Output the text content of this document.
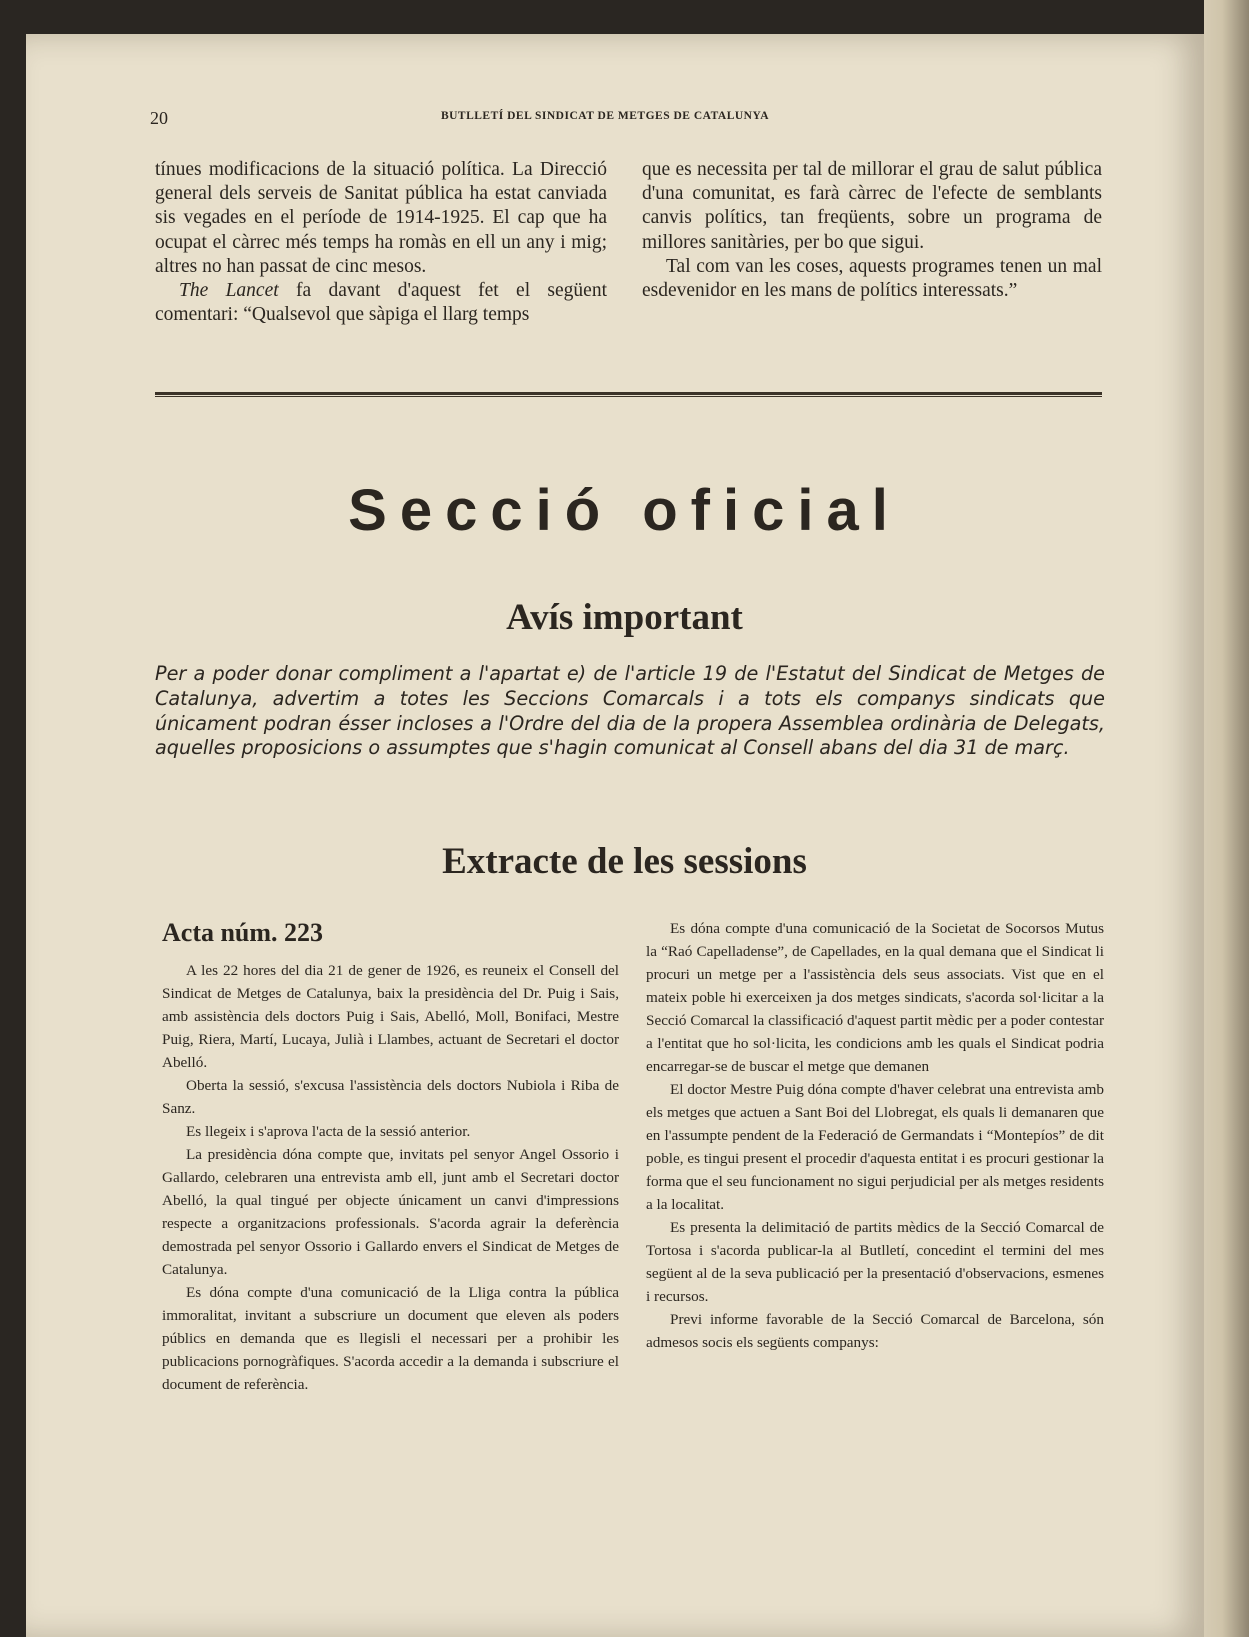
20	BUTLLETÍ DEL SINDICAT DE METGES DE CATALUNYA

tínues modificacions de la situació política. La Direcció general dels serveis de Sanitat pública ha estat canviada sis vegades en el període de 1914-1925. El cap que ha ocupat el càrrec més temps ha romàs en ell un any i mig; altres no han passat de cinc mesos.

The Lancet fa davant d'aquest fet el següent comentari: “Qualsevol que sàpiga el llarg temps

que es necessita per tal de millorar el grau de salut pública d'una comunitat, es farà càrrec de l'efecte de semblants canvis polítics, tan freqüents, sobre un programa de millores sanitàries, per bo que sigui.

Tal com van les coses, aquests programes tenen un mal esdevenidor en les mans de polítics interessats.”

Secció oficial
Avís important
Per a poder donar compliment a l'apartat e) de l'article 19 de l'Estatut del Sindicat de Metges de Catalunya, advertim a totes les Seccions Comarcals i a tots els companys sindicats que únicament podran ésser incloses a l'Ordre del dia de la propera Assemblea ordinària de Delegats, aquelles proposicions o assumptes que s'hagin comunicat al Consell abans del dia 31 de març.
Extracte de les sessions
Acta núm. 223

A les 22 hores del dia 21 de gener de 1926, es reuneix el Consell del Sindicat de Metges de Catalunya, baix la presidència del Dr. Puig i Sais, amb assistència dels doctors Puig i Sais, Abelló, Moll, Bonifaci, Mestre Puig, Riera, Martí, Lucaya, Julià i Llambes, actuant de Secretari el doctor Abelló.

Oberta la sessió, s'excusa l'assistència dels doctors Nubiola i Riba de Sanz.

Es llegeix i s'aprova l'acta de la sessió anterior.

La presidència dóna compte que, invitats pel senyor Angel Ossorio i Gallardo, celebraren una entrevista amb ell, junt amb el Secretari doctor Abelló, la qual tingué per objecte únicament un canvi d'impressions respecte a organitzacions professionals. S'acorda agrair la deferència demostrada pel senyor Ossorio i Gallardo envers el Sindicat de Metges de Catalunya.

Es dóna compte d'una comunicació de la Lliga contra la pública immoralitat, invitant a subscriure un document que eleven als poders públics en demanda que es llegisli el necessari per a prohibir les publicacions pornogràfiques. S'acorda accedir a la demanda i subscriure el document de referència.

Es dóna compte d'una comunicació de la Societat de Socorsos Mutus la “Raó Capelladense”, de Capellades, en la qual demana que el Sindicat li procuri un metge per a l'assistència dels seus associats. Vist que en el mateix poble hi exerceixen ja dos metges sindicats, s'acorda sol·licitar a la Secció Comarcal la classificació d'aquest partit mèdic per a poder contestar a l'entitat que ho sol·licita, les condicions amb les quals el Sindicat podria encarregar-se de buscar el metge que demanen

El doctor Mestre Puig dóna compte d'haver celebrat una entrevista amb els metges que actuen a Sant Boi del Llobregat, els quals li demanaren que en l'assumpte pendent de la Federació de Germandats i “Montepíos” de dit poble, es tingui present el procedir d'aquesta entitat i es procuri gestionar la forma que el seu funcionament no sigui perjudicial per als metges residents a la localitat.

Es presenta la delimitació de partits mèdics de la Secció Comarcal de Tortosa i s'acorda publicar-la al Butlletí, concedint el termini del mes següent al de la seva publicació per la presentació d'observacions, esmenes i recursos.

Previ informe favorable de la Secció Comarcal de Barcelona, són admesos socis els següents companys:
